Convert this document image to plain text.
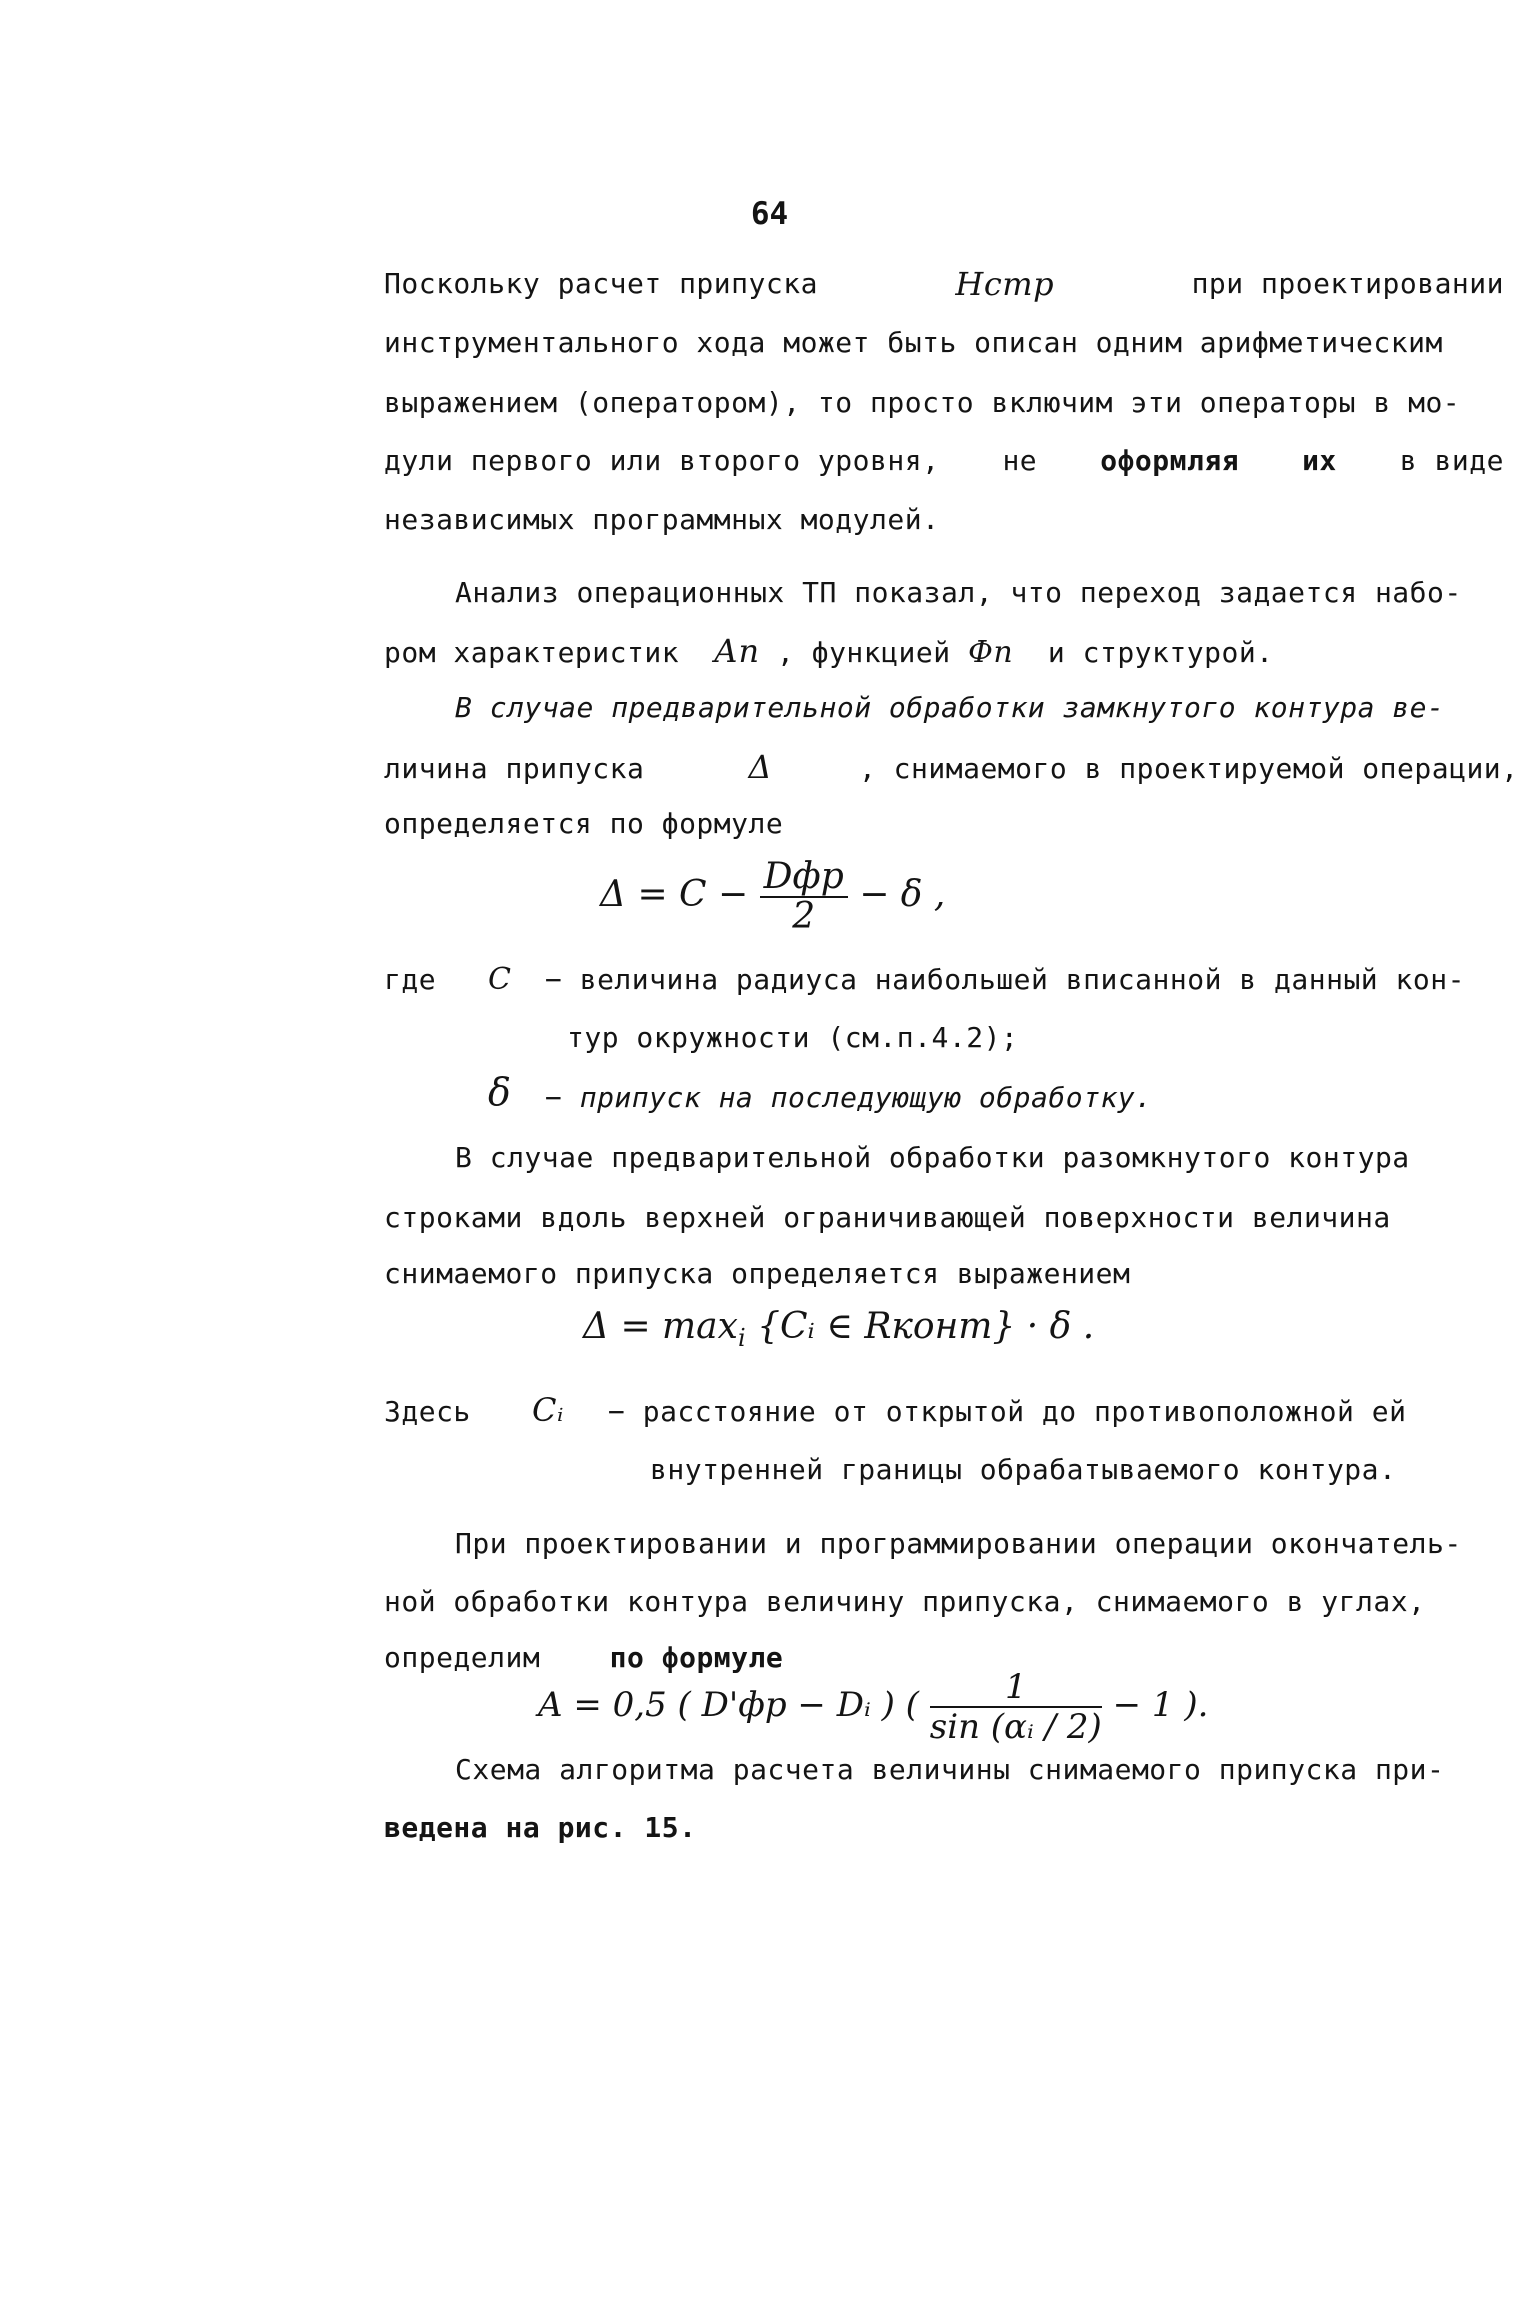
64
Поскольку расчет припуска	Нстр	при проектировании
инструментального хода может быть описан одним арифметическим
выражением (оператором), то просто включим эти операторы в мо-
дули первого или второго уровня, не оформляя их в виде
независимых программных модулей.
Анализ операционных ТП показал, что переход задается набо-
ром характеристик Аn , функцией Фn и структурой.
В случае предварительной обработки замкнутого контура ве-
личина припуска	Δ	, снимаемого в проектируемой операции,
определяется по формуле
$\Delta = C - \frac{\text{Dфр}}{2} - \delta$ ,
где C − величина радиуса наибольшей вписанной в данный кон-
тур окружности (см.п.4.2);
δ − припуск на последующую обработку.
В случае предварительной обработки разомкнутого контура
строками вдоль верхней ограничивающей поверхности величина
снимаемого припуска определяется выражением
$\Delta = \max_i$ {Cᵢ ∈ Rконт} · δ .
Здесь Cᵢ − расстояние от открытой до противоположной ей
внутренней границы обрабатываемого контура.
При проектировании и программировании операции окончатель-
ной обработки контура величину припуска, снимаемого в углах,
определим по формуле
A = 0,5 ( D'фр − Dᵢ ) ( $\frac{1}{\text{sin (αᵢ / 2)}} - 1$ ).
Схема алгоритма расчета величины снимаемого припуска при-
ведена на рис. 15.
